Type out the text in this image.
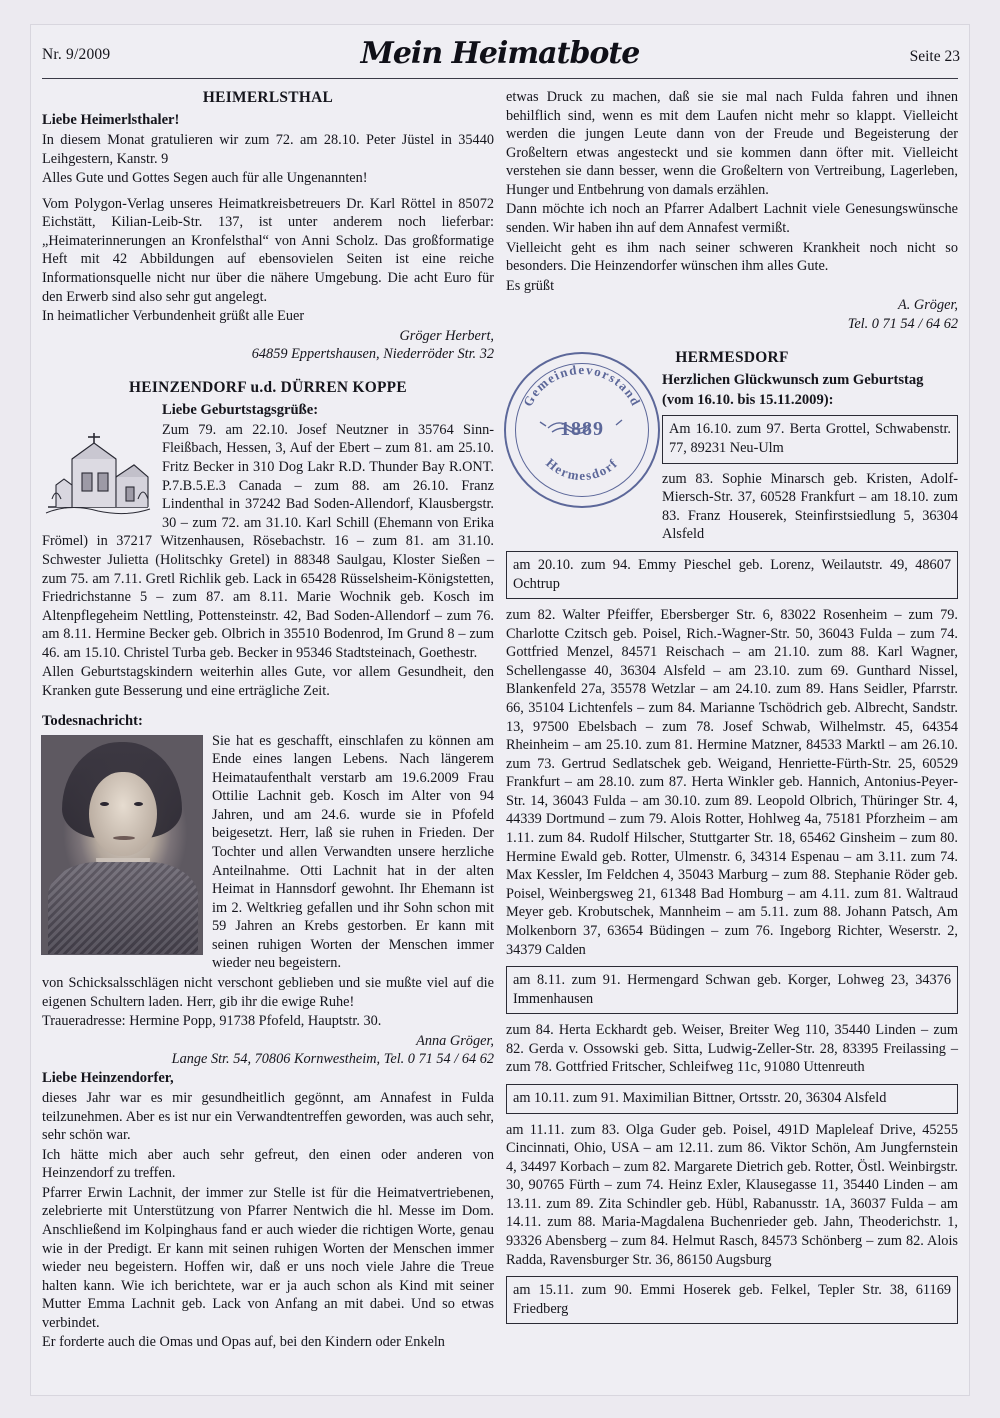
Nr. 9/2009	Mein Heimatbote	Seite 23
HEIMERLSTHAL
Liebe Heimerlsthaler!

In diesem Monat gratulieren wir zum 72. am 28.10. Peter Jüstel in 35440 Leihgestern, Kanstr. 9

Alles Gute und Gottes Segen auch für alle Ungenannten!

Vom Polygon-Verlag unseres Heimatkreisbetreuers Dr. Karl Röttel in 85072 Eichstätt, Kilian-Leib-Str. 137, ist unter anderem noch lieferbar: „Heimaterinnerungen an Kronfelsthal“ von Anni Scholz. Das großformatige Heft mit 42 Abbildungen auf ebensovielen Seiten ist eine reiche Informationsquelle nicht nur über die nähere Umgebung. Die acht Euro für den Erwerb sind also sehr gut angelegt.

In heimatlicher Verbundenheit grüßt alle Euer

Gröger Herbert,

64859 Eppertshausen, Niederröder Str. 32

HEINZENDORF u.d. DÜRREN KOPPE
Liebe Geburtstagsgrüße:

Zum 79. am 22.10. Josef Neutzner in 35764 Sinn-Fleißbach, Hessen, 3, Auf der Ebert – zum 81. am 25.10. Fritz Becker in 310 Dog Lakr R.D. Thunder Bay R.ONT. P.7.B.5.E.3 Canada – zum 88. am 26.10. Franz Lindenthal in 37242 Bad Soden-Allendorf, Klausbergstr. 30 – zum 72. am 31.10. Karl Schill (Ehemann von Erika Frömel) in 37217 Witzenhausen, Rösebachstr. 16 – zum 81. am 31.10. Schwester Julietta (Holitschky Gretel) in 88348 Saulgau, Kloster Sießen – zum 75. am 7.11. Gretl Richlik geb. Lack in 65428 Rüsselsheim-Königstetten, Friedrichstanne 5 – zum 87. am 8.11. Marie Wochnik geb. Kosch im Altenpflegeheim Nettling, Pottensteinstr. 42, Bad Soden-Allendorf – zum 76. am 8.11. Hermine Becker geb. Olbrich in 35510 Bodenrod, Im Grund 8 – zum 46. am 15.10. Christel Turba geb. Becker in 95346 Stadtsteinach, Goethestr.

Allen Geburtstagskindern weiterhin alles Gute, vor allem Gesundheit, den Kranken gute Besserung und eine erträgliche Zeit.

Todesnachricht:

Sie hat es geschafft, einschlafen zu können am Ende eines langen Lebens. Nach längerem Heimataufenthalt verstarb am 19.6.2009 Frau Ottilie Lachnit geb. Kosch im Alter von 94 Jahren, und am 24.6. wurde sie in Pfofeld beigesetzt. Herr, laß sie ruhen in Frieden. Der Tochter und allen Verwandten unsere herzliche Anteilnahme. Otti Lachnit hat in der alten Heimat in Hannsdorf gewohnt. Ihr Ehemann ist im 2. Weltkrieg gefallen und ihr Sohn schon mit 59 Jahren an Krebs gestorben. Er kann mit seinen ruhigen Worten der Menschen immer wieder neu begeistern.

von Schicksalsschlägen nicht verschont geblieben und sie mußte viel auf die eigenen Schultern laden. Herr, gib ihr die ewige Ruhe!

Traueradresse: Hermine Popp, 91738 Pfofeld, Hauptstr. 30.

Anna Gröger,

Lange Str. 54, 70806 Kornwestheim, Tel. 0 71 54 / 64 62

Liebe Heinzendorfer,

dieses Jahr war es mir gesundheitlich gegönnt, am Annafest in Fulda teilzunehmen. Aber es ist nur ein Verwandtentreffen geworden, was auch sehr, sehr schön war.

Ich hätte mich aber auch sehr gefreut, den einen oder anderen von Heinzendorf zu treffen.

Pfarrer Erwin Lachnit, der immer zur Stelle ist für die Heimatvertriebenen, zelebrierte mit Unterstützung von Pfarrer Nentwich die hl. Messe im Dom. Anschließend im Kolpinghaus fand er auch wieder die richtigen Worte, genau wie in der Predigt. Er kann mit seinen ruhigen Worten der Menschen immer wieder neu begeistern. Hoffen wir, daß er uns noch viele Jahre die Treue halten kann. Wie ich berichtete, war er ja auch schon als Kind mit seiner Mutter Emma Lachnit geb. Lack von Anfang an mit dabei. Und so etwas verbindet.

Er forderte auch die Omas und Opas auf, bei den Kindern oder Enkeln

etwas Druck zu machen, daß sie sie mal nach Fulda fahren und ihnen behilflich sind, wenn es mit dem Laufen nicht mehr so klappt. Vielleicht werden die jungen Leute dann von der Freude und Begeisterung der Großeltern etwas angesteckt und sie kommen dann öfter mit. Vielleicht verstehen sie dann besser, wenn die Großeltern von Vertreibung, Lagerleben, Hunger und Entbehrung von damals erzählen.

Dann möchte ich noch an Pfarrer Adalbert Lachnit viele Genesungswünsche senden. Wir haben ihn auf dem Annafest vermißt.

Vielleicht geht es ihm nach seiner schweren Krankheit noch nicht so besonders. Die Heinzendorfer wünschen ihm alles Gute.

Es grüßt

A. Gröger,

Tel. 0 71 54 / 64 62

Gemeindevorstand
Hermesdorf
1889
HERMESDORF
Herzlichen Glückwunsch zum Geburtstag
(vom 16.10. bis 15.11.2009):
Am 16.10. zum 97. Berta Grottel, Schwabenstr. 77, 89231 Neu-Ulm

zum 83. Sophie Minarsch geb. Kristen, Adolf-Miersch-Str. 37, 60528 Frankfurt – am 18.10. zum 83. Franz Houserek, Steinfirstsiedlung 5, 36304 Alsfeld

am 20.10. zum 94. Emmy Pieschel geb. Lorenz, Weilautstr. 49, 48607 Ochtrup

zum 82. Walter Pfeiffer, Ebersberger Str. 6, 83022 Rosenheim – zum 79. Charlotte Czitsch geb. Poisel, Rich.-Wagner-Str. 50, 36043 Fulda – zum 74. Gottfried Menzel, 84571 Reischach – am 21.10. zum 88. Karl Wagner, Schellengasse 40, 36304 Alsfeld – am 23.10. zum 69. Gunthard Nissel, Blankenfeld 27a, 35578 Wetzlar – am 24.10. zum 89. Hans Seidler, Pfarrstr. 66, 35104 Lichtenfels – zum 84. Marianne Tschödrich geb. Albrecht, Sandstr. 13, 97500 Ebelsbach – zum 78. Josef Schwab, Wilhelmstr. 45, 64354 Rheinheim – am 25.10. zum 81. Hermine Matzner, 84533 Marktl – am 26.10. zum 73. Gertrud Sedlatschek geb. Weigand, Henriette-Fürth-Str. 25, 60529 Frankfurt – am 28.10. zum 87. Herta Winkler geb. Hannich, Antonius-Peyer-Str. 14, 36043 Fulda – am 30.10. zum 89. Leopold Olbrich, Thüringer Str. 4, 44339 Dortmund – zum 79. Alois Rotter, Hohlweg 4a, 75181 Pforzheim – am 1.11. zum 84. Rudolf Hilscher, Stuttgarter Str. 18, 65462 Ginsheim – zum 80. Hermine Ewald geb. Rotter, Ulmenstr. 6, 34314 Espenau – am 3.11. zum 74. Max Kessler, Im Feldchen 4, 35043 Marburg – zum 88. Stephanie Röder geb. Poisel, Weinbergsweg 21, 61348 Bad Homburg – am 4.11. zum 81. Waltraud Meyer geb. Krobutschek, Mannheim – am 5.11. zum 88. Johann Patsch, Am Molkenborn 37, 63654 Büdingen – zum 76. Ingeborg Richter, Weserstr. 2, 34379 Calden

am 8.11. zum 91. Hermengard Schwan geb. Korger, Lohweg 23, 34376 Immenhausen

zum 84. Herta Eckhardt geb. Weiser, Breiter Weg 110, 35440 Linden – zum 82. Gerda v. Ossowski geb. Sitta, Ludwig-Zeller-Str. 28, 83395 Freilassing – zum 78. Gottfried Fritscher, Schleifweg 11c, 91080 Uttenreuth

am 10.11. zum 91. Maximilian Bittner, Ortsstr. 20, 36304 Alsfeld

am 11.11. zum 83. Olga Guder geb. Poisel, 491D Mapleleaf Drive, 45255 Cincinnati, Ohio, USA – am 12.11. zum 86. Viktor Schön, Am Jungfernstein 4, 34497 Korbach – zum 82. Margarete Dietrich geb. Rotter, Östl. Weinbirgstr. 30, 90765 Fürth – zum 74. Heinz Exler, Klausegasse 11, 35440 Linden – am 13.11. zum 89. Zita Schindler geb. Hübl, Rabanusstr. 1A, 36037 Fulda – am 14.11. zum 88. Maria-Magdalena Buchenrieder geb. Jahn, Theoderichstr. 1, 93326 Abensberg – zum 84. Helmut Rasch, 84573 Schönberg – zum 82. Alois Radda, Ravensburger Str. 36, 86150 Augsburg

am 15.11. zum 90. Emmi Hoserek geb. Felkel, Tepler Str. 38, 61169 Friedberg
